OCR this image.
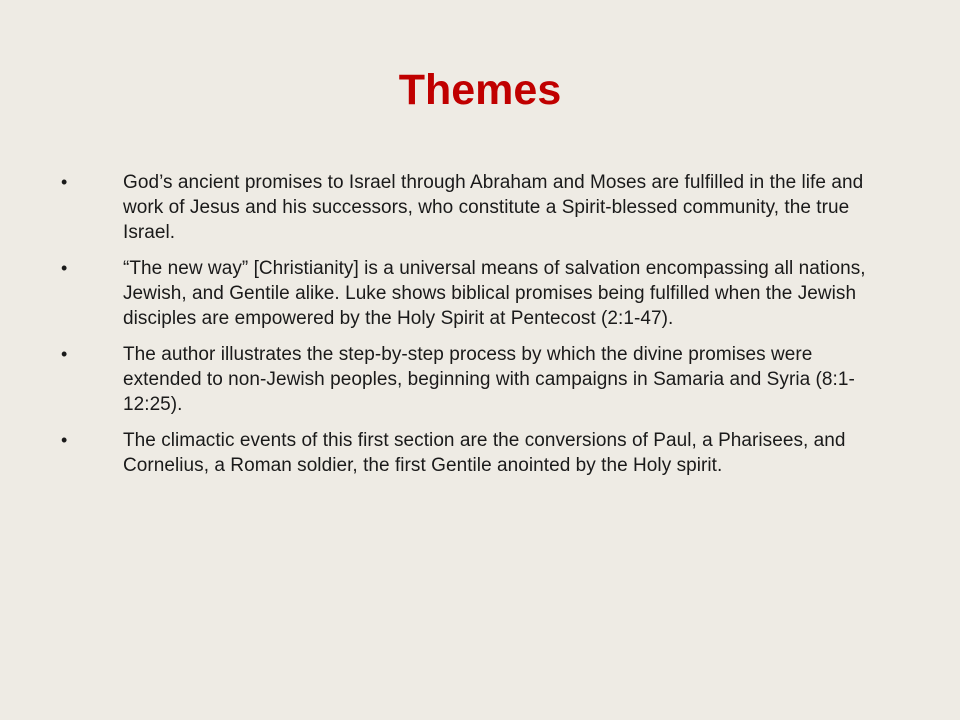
Themes
•	God’s ancient promises to Israel through Abraham and Moses are fulfilled in the life and work of Jesus and his successors, who constitute a Spirit-blessed community, the true Israel.
•	“The new way” [Christianity] is a universal means of salvation encompassing all nations, Jewish, and Gentile alike. Luke shows biblical promises being fulfilled when the Jewish disciples are empowered by the Holy Spirit at Pentecost (2:1-47).
•	The author illustrates the step-by-step process by which the divine promises were extended to non-Jewish peoples, beginning with campaigns in Samaria and Syria (8:1-12:25).
•	The climactic events of this first section are the conversions of Paul, a Pharisees, and Cornelius, a Roman soldier, the first Gentile anointed by the Holy spirit.
